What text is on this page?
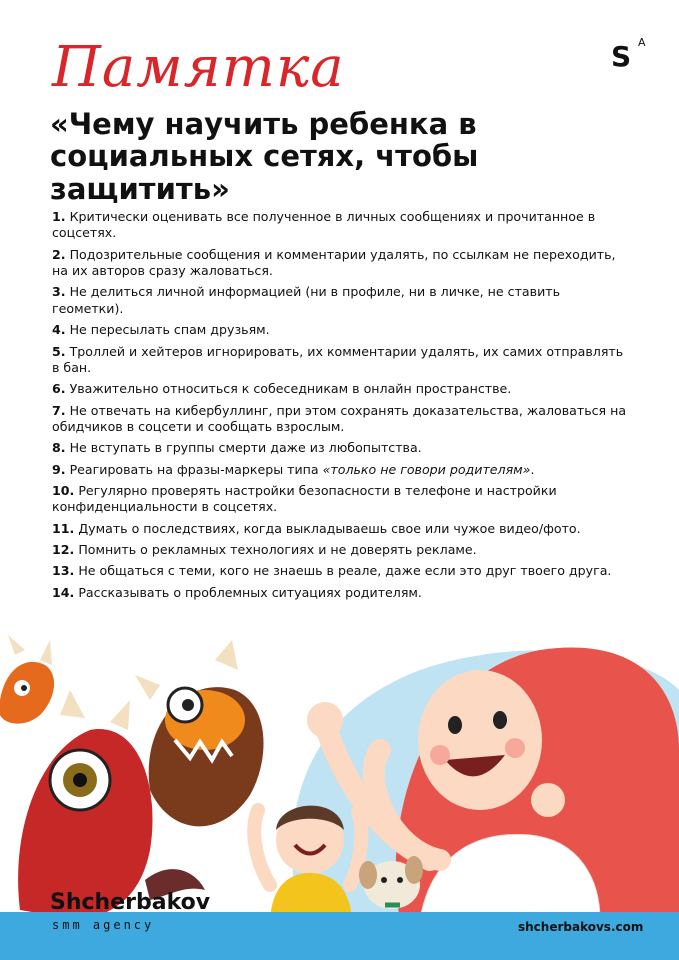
S A
Памятка
«Чему научить ребенка в социальных сетях, чтобы защитить»
1. Критически оценивать все полученное в личных сообщениях и прочитанное в соцсетях.
2. Подозрительные сообщения и комментарии удалять, по ссылкам не переходить, на их авторов сразу жаловаться.
3. Не делиться личной информацией (ни в профиле, ни в личке, не ставить геометки).
4. Не пересылать спам друзьям.
5. Троллей и хейтеров игнорировать, их комментарии удалять, их самих отправлять в бан.
6. Уважительно относиться к собеседникам в онлайн пространстве.
7. Не отвечать на кибербуллинг, при этом сохранять доказательства, жаловаться на обидчиков в соцсети и сообщать взрослым.
8. Не вступать в группы смерти даже из любопытства.
9. Реагировать на фразы-маркеры типа «только не говори родителям».
10. Регулярно проверять настройки безопасности в телефоне и настройки конфиденциальности в соцсетях.
11. Думать о последствиях, когда выкладываешь свое или чужое видео/фото.
12. Помнить о рекламных технологиях и не доверять рекламе.
13. Не общаться с теми, кого не знаешь в реале, даже если это друг твоего друга.
14. Рассказывать о проблемных ситуациях родителям.
Shcherbakov
smm agency	shcherbakovs.com
